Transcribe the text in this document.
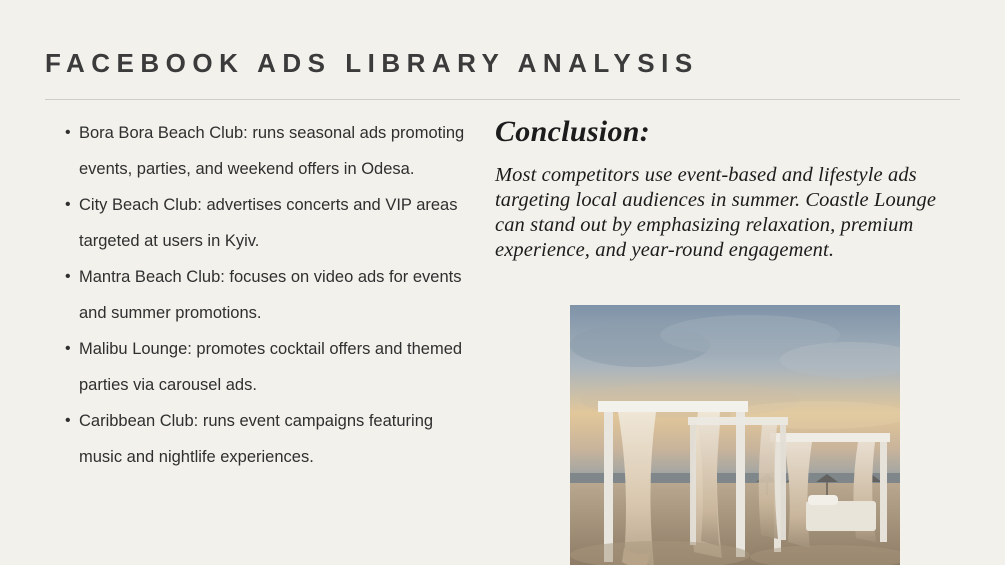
FACEBOOK ADS LIBRARY ANALYSIS
• Bora Bora Beach Club: runs seasonal ads promoting events, parties, and weekend offers in Odesa.
• City Beach Club: advertises concerts and VIP areas targeted at users in Kyiv.
• Mantra Beach Club: focuses on video ads for events and summer promotions.
• Malibu Lounge: promotes cocktail offers and themed parties via carousel ads.
• Caribbean Club: runs event campaigns featuring music and nightlife experiences.

Conclusion:

Most competitors use event-based and lifestyle ads targeting local audiences in summer. Coastle Lounge can stand out by emphasizing relaxation, premium experience, and year-round engagement.
